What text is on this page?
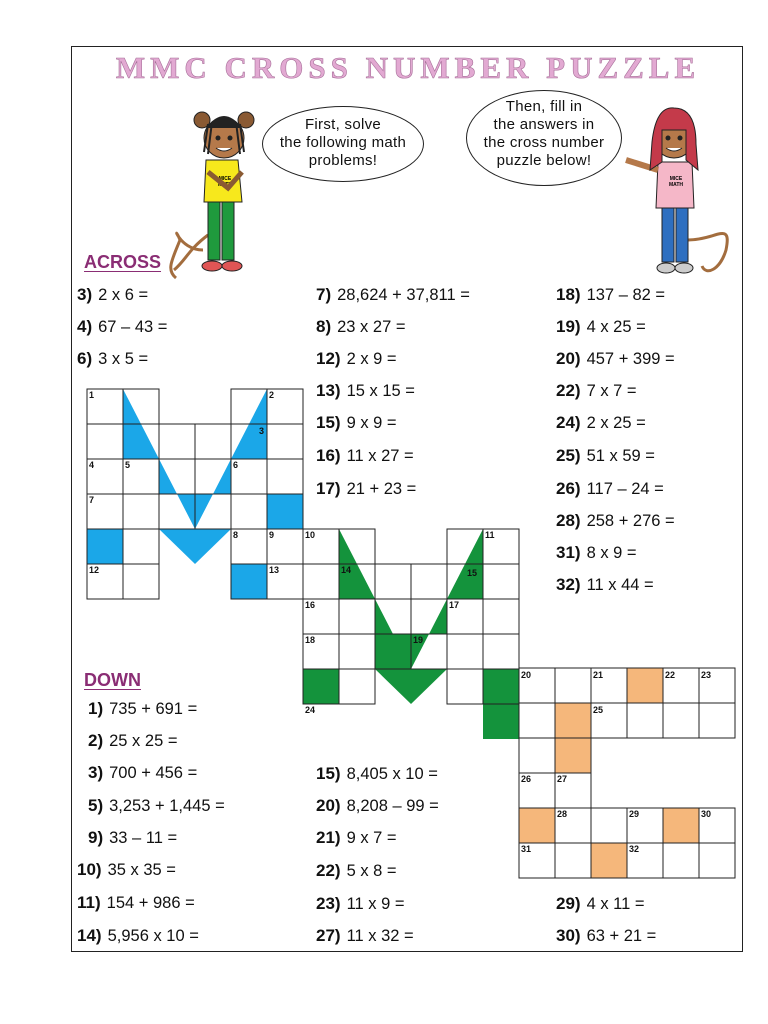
MMC CROSS NUMBER PUZZLE
MICE
MATH
MICE
MATH
First, solve
the following math
problems!
Then, fill in
the answers in
the cross number
puzzle below!
ACROSS
DOWN
3) 2 x 6 =
4) 67 – 43 =
6) 3 x 5 =
7) 28,624 + 37,811 =
8) 23 x 27 =
12) 2 x 9 =
13) 15 x 15 =
15) 9 x 9 =
16) 11 x 27 =
17) 21 + 23 =
18) 137 – 82 =
19) 4 x 25 =
20) 457 + 399 =
22) 7 x 7 =
24) 2 x 25 =
25) 51 x 59 =
26) 117 – 24 =
28) 258 + 276 =
31) 8 x 9 =
32) 11 x 44 =
1) 735 + 691 =
2) 25 x 25 =
3) 700 + 456 =
5) 3,253 + 1,445 =
9) 33 – 11 =
10) 35 x 35 =
11) 154 + 986 =
14) 5,956 x 10 =
15) 8,405 x 10 =
20) 8,208 – 99 =
21) 9 x 7 =
22) 5 x 8 =
23) 11 x 9 =
27) 11 x 32 =
29) 4 x 11 =
30) 63 + 21 =
1	2
3
4	5	6
7
8	9	10	11
12	13	14	15
16	17
18	19
20	21	22	23
24	25
26	27
28	29	30
31	32
